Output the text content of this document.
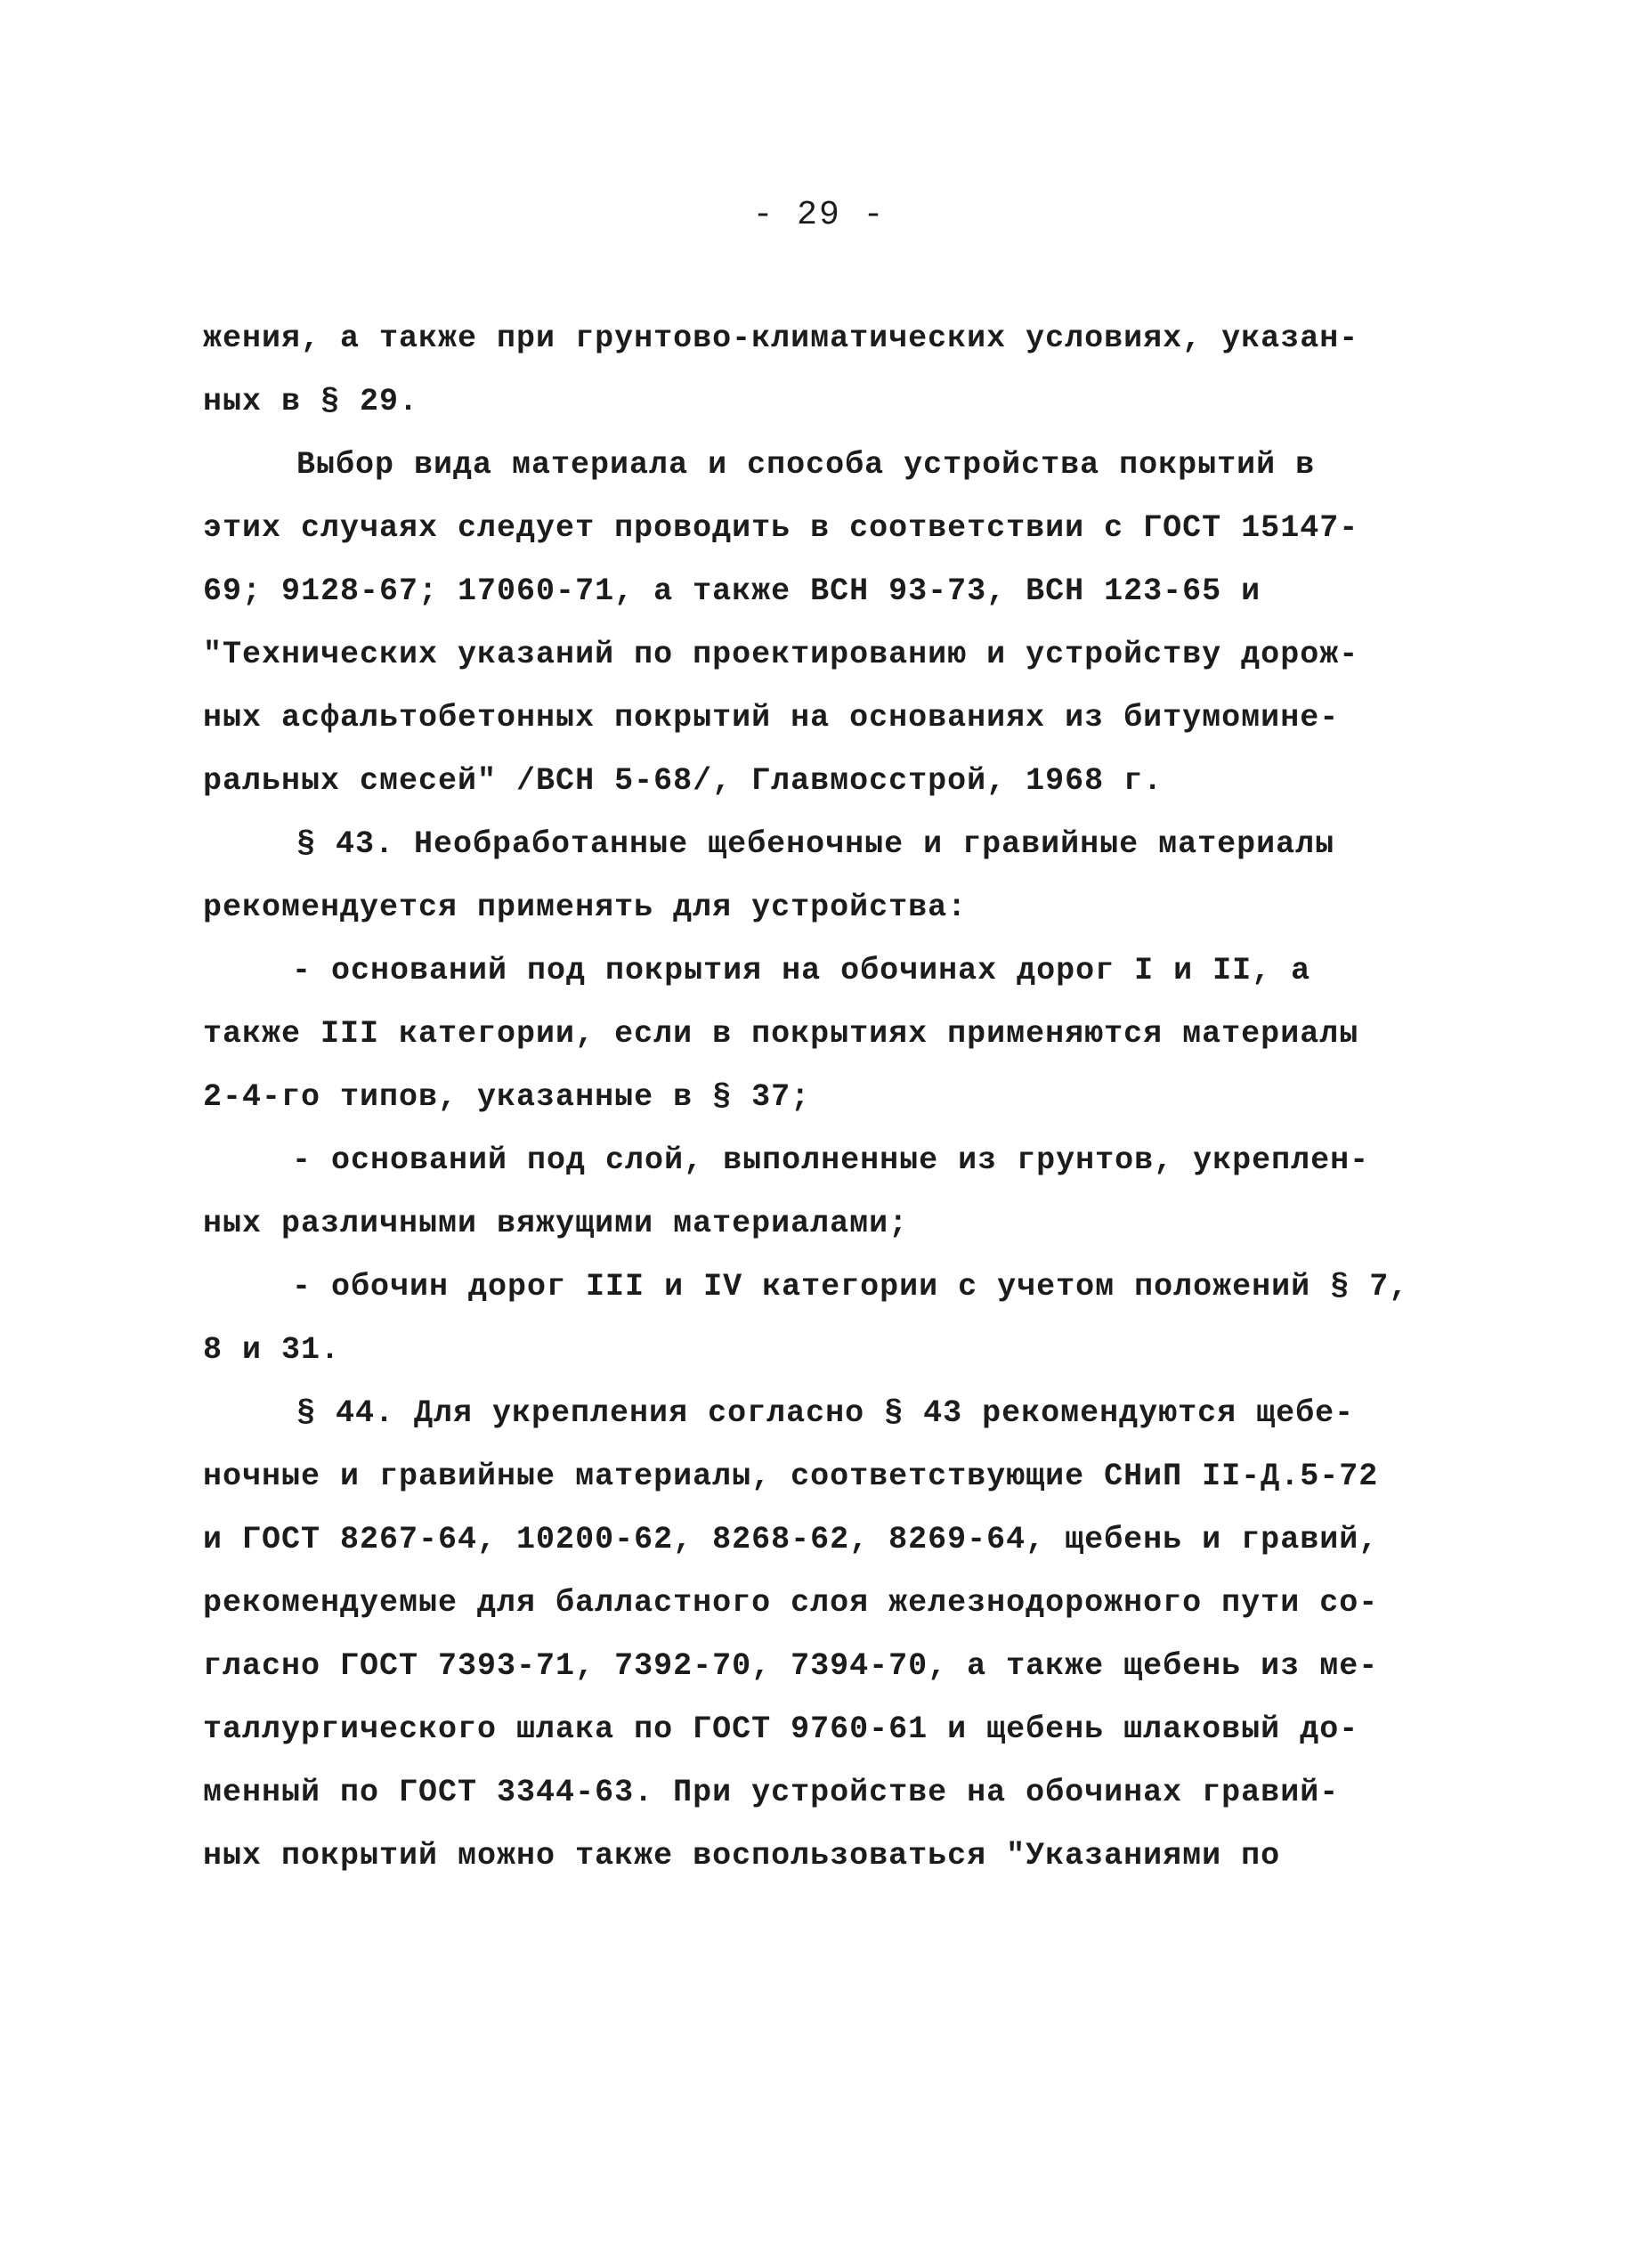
- 29 -
жения, а также при грунтово-климатических условиях, указан-
ных в § 29.
Выбор вида материала и способа устройства покрытий в
этих случаях следует проводить в соответствии с ГОСТ 15147-
69; 9128-67; 17060-71, а также ВСН 93-73, ВСН 123-65 и
"Технических указаний по проектированию и устройству дорож-
ных асфальтобетонных покрытий на основаниях из битумомине-
ральных смесей" /ВСН 5-68/, Главмосстрой, 1968 г.
§ 43. Необработанные щебеночные и гравийные материалы
рекомендуется применять для устройства:
- оснований под покрытия на обочинах дорог I и II, а
также III категории, если в покрытиях применяются материалы
2-4-го типов, указанные в § 37;
- оснований под слой, выполненные из грунтов, укреплен-
ных различными вяжущими материалами;
- обочин дорог III и IV категории с учетом положений § 7,
8 и 31.
§ 44. Для укрепления согласно § 43 рекомендуются щебе-
ночные и гравийные материалы, соответствующие СНиП II-Д.5-72
и ГОСТ 8267-64, 10200-62, 8268-62, 8269-64, щебень и гравий,
рекомендуемые для балластного слоя железнодорожного пути со-
гласно ГОСТ 7393-71, 7392-70, 7394-70, а также щебень из ме-
таллургического шлака по ГОСТ 9760-61 и щебень шлаковый до-
менный по ГОСТ 3344-63. При устройстве на обочинах гравий-
ных покрытий можно также воспользоваться "Указаниями по
